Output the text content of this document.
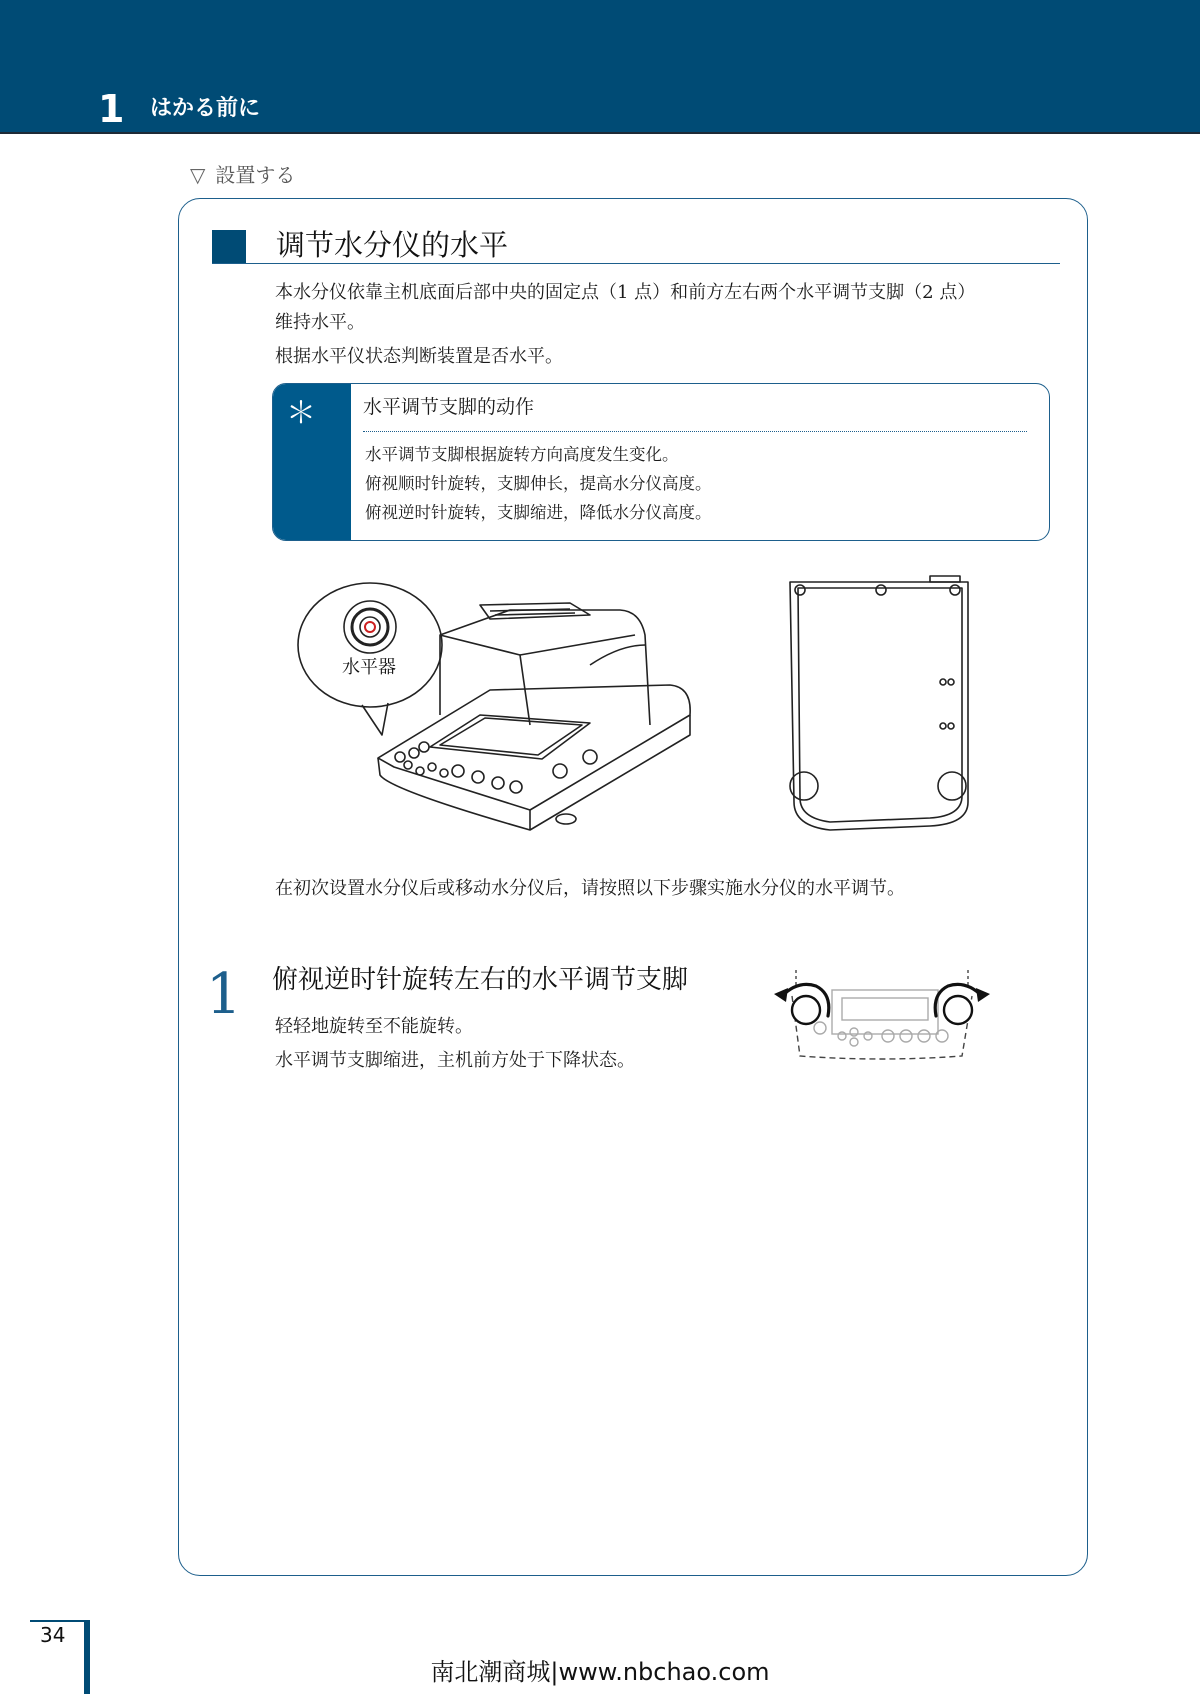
1 はかる前に
▽ 設置する
调节水分仪的水平
本水分仪依靠主机底面后部中央的固定点（1 点）和前方左右两个水平调节支脚（2 点）
维持水平。
根据水平仪状态判断装置是否水平。
＊ 水平调节支脚的动作
水平调节支脚根据旋转方向高度发生变化。
俯视顺时针旋转，支脚伸长，提高水分仪高度。
俯视逆时针旋转，支脚缩进，降低水分仪高度。
水平器
在初次设置水分仪后或移动水分仪后，请按照以下步骤实施水分仪的水平调节。
1 俯视逆时针旋转左右的水平调节支脚
轻轻地旋转至不能旋转。
水平调节支脚缩进，主机前方处于下降状态。
34
南北潮商城|www.nbchao.com
